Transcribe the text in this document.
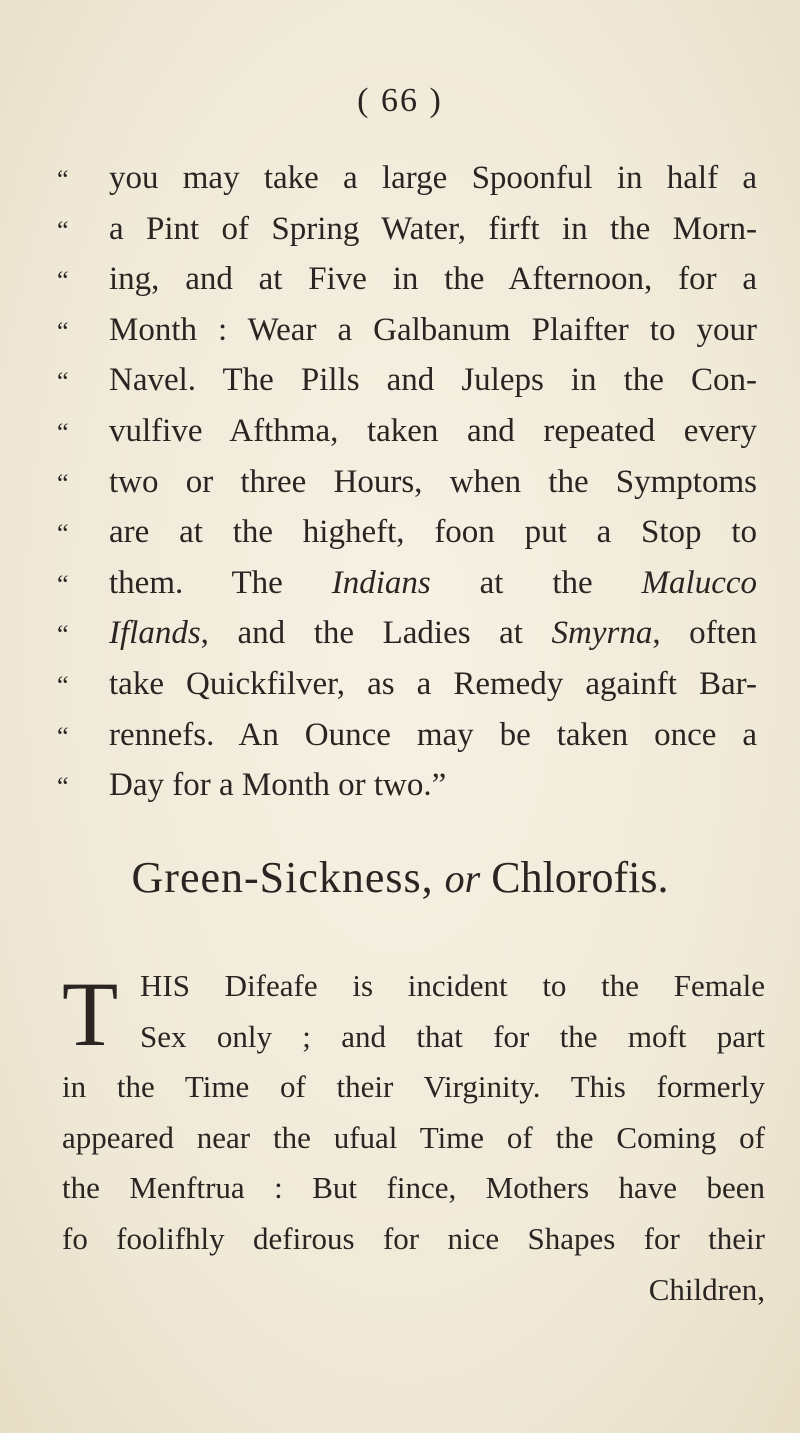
( 66 )
“	you may take a large Spoonful in half a
“	a Pint of Spring Water, firft in the Morn-
“	ing, and at Five in the Afternoon, for a
“	Month : Wear a Galbanum Plaifter to your
“	Navel. The Pills and Juleps in the Con-
“	vulfive Afthma, taken and repeated every
“	two or three Hours, when the Symptoms
“	are at the higheft, foon put a Stop to
“	them. The Indians at the Malucco
“	Iflands, and the Ladies at Smyrna, often
“	take Quickfilver, as a Remedy againft Bar-
“	rennefs. An Ounce may be taken once a
“	Day for a Month or two.”
Green-Sickness, or Chlorofis.
T HIS Difeafe is incident to the Female
Sex only ; and that for the moft part
in the Time of their Virginity. This formerly
appeared near the ufual Time of the Coming of
the Menftrua : But fince, Mothers have been
fo foolifhly defirous for nice Shapes for their
Children,
